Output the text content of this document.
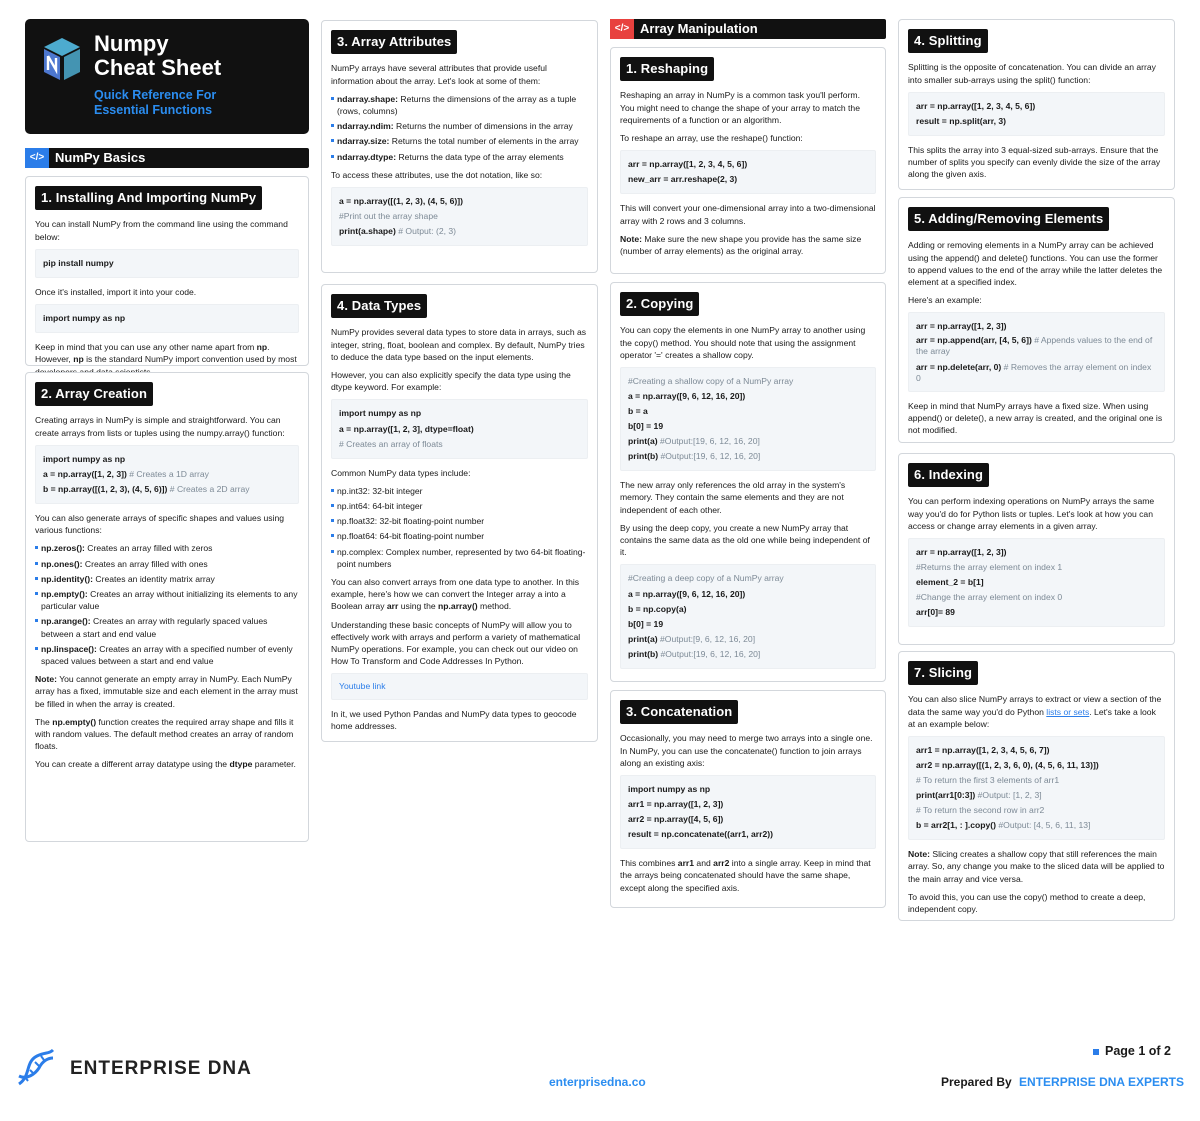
Numpy
Cheat Sheet
Quick Reference For
Essential Functions
</> NumPy Basics
1. Installing And Importing NumPy
You can install NumPy from the command line using the command below:
pip install numpy
Once it's installed, import it into your code.
import numpy as np
Keep in mind that you can use any other name apart from np. However, np is the standard NumPy import convention used by most
2. Array Creation
Creating arrays in NumPy is simple and straightforward. You can create arrays from lists or tuples using the numpy.array() function:
import numpy as np
a = np.array([1, 2, 3]) # Creates a 1D array
b = np.array([(1, 2, 3), (4, 5, 6)]) # Creates a 2D array
You can also generate arrays of specific shapes and values using various functions:
np.zeros(): Creates an array filled with zeros
np.ones(): Creates an array filled with ones
np.identity(): Creates an identity matrix array
np.empty(): Creates an array without initializing its elements to any particular value
np.arange(): Creates an array with regularly spaced values between a start and end value
np.linspace(): Creates an array with a specified number of evenly spaced values between a start and end value
Note: You cannot generate an empty array in NumPy. Each NumPy array has a fixed, immutable size and each element in the array must be filled in when the array is created.
The np.empty() function creates the required array shape and fills it with random values. The default method creates an array of random floats.
You can create a different array datatype using the dtype parameter.
3. Array Attributes
NumPy arrays have several attributes that provide useful information about the array. Let's look at some of them:
ndarray.shape: Returns the dimensions of the array as a tuple (rows, columns)
ndarray.ndim: Returns the number of dimensions in the array
ndarray.size: Returns the total number of elements in the array
ndarray.dtype: Returns the data type of the array elements
To access these attributes, use the dot notation, like so:
a = np.array([(1, 2, 3), (4, 5, 6)])
#Print out the array shape
print(a.shape) # Output: (2, 3)
4. Data Types
NumPy provides several data types to store data in arrays, such as integer, string, float, boolean and complex. By default, NumPy tries to deduce the data type based on the input elements.
However, you can also explicitly specify the data type using the dtype keyword. For example:
import numpy as np
a = np.array([1, 2, 3], dtype=float)
# Creates an array of floats
Common NumPy data types include:
np.int32: 32-bit integer
np.int64: 64-bit integer
np.float32: 32-bit floating-point number
np.float64: 64-bit floating-point number
np.complex: Complex number, represented by two 64-bit floating-point numbers
You can also convert arrays from one data type to another. In this example, here's how we can convert the Integer array a into a Boolean array arr using the np.array() method.
Understanding these basic concepts of NumPy will allow you to effectively work with arrays and perform a variety of mathematical NumPy operations. For example, you can check out our video on How To Transform and Code Addresses In Python.
Youtube link
In it, we used Python Pandas and NumPy data types to geocode home addresses.
</> Array Manipulation
1. Reshaping
Reshaping an array in NumPy is a common task you'll perform. You might need to change the shape of your array to match the requirements of a function or an algorithm.
To reshape an array, use the reshape() function:
arr = np.array([1, 2, 3, 4, 5, 6])
new_arr = arr.reshape(2, 3)
This will convert your one-dimensional array into a two-dimensional array with 2 rows and 3 columns.
Note: Make sure the new shape you provide has the same size (number of array elements) as the original array.
2. Copying
You can copy the elements in one NumPy array to another using the copy() method. You should note that using the assignment operator '=' creates a shallow copy.
#Creating a shallow copy of a NumPy array
a = np.array([9, 6, 12, 16, 20])
b = a
b[0] = 19
print(a) #Output:[19, 6, 12, 16, 20]
print(b) #Output:[19, 6, 12, 16, 20]
The new array only references the old array in the system's memory. They contain the same elements and they are not independent of each other.
By using the deep copy, you create a new NumPy array that contains the same data as the old one while being independent of it.
#Creating a deep copy of a NumPy array
a = np.array([9, 6, 12, 16, 20])
b = np.copy(a)
b[0] = 19
print(a) #Output:[9, 6, 12, 16, 20]
print(b) #Output:[19, 6, 12, 16, 20]
3. Concatenation
Occasionally, you may need to merge two arrays into a single one. In NumPy, you can use the concatenate() function to join arrays along an existing axis:
import numpy as np
arr1 = np.array([1, 2, 3])
arr2 = np.array([4, 5, 6])
result = np.concatenate((arr1, arr2))
This combines arr1 and arr2 into a single array. Keep in mind that the arrays being concatenated should have the same shape, except along the specified axis.
4. Splitting
Splitting is the opposite of concatenation. You can divide an array into smaller sub-arrays using the split() function:
arr = np.array([1, 2, 3, 4, 5, 6])
result = np.split(arr, 3)
This splits the array into 3 equal-sized sub-arrays. Ensure that the number of splits you specify can evenly divide the size of the array along the given axis.
5. Adding/Removing Elements
Adding or removing elements in a NumPy array can be achieved using the append() and delete() functions. You can use the former to append values to the end of the array while the latter deletes the element at a specified index.
Here's an example:
arr = np.array([1, 2, 3])
arr = np.append(arr, [4, 5, 6]) # Appends values to the end of the array
arr = np.delete(arr, 0) # Removes the array element on index 0
Keep in mind that NumPy arrays have a fixed size. When using append() or delete(), a new array is created, and the original one is not modified.
6. Indexing
You can perform indexing operations on NumPy arrays the same way you'd do for Python lists or tuples. Let's look at how you can access or change array elements in a given array.
arr = np.array([1, 2, 3])
#Returns the array element on index 1
element_2 = b[1]
#Change the array element on index 0
arr[0]= 89
7. Slicing
You can also slice NumPy arrays to extract or view a section of the data the same way you'd do Python lists or sets. Let's take a look at an example below:
arr1 = np.array([1, 2, 3, 4, 5, 6, 7])
arr2 = np.array([(1, 2, 3, 6, 0), (4, 5, 6, 11, 13)])
# To return the first 3 elements of arr1
print(arr1[0:3]) #Output: [1, 2, 3]
# To return the second row in arr2
b = arr2[1, : ].copy() #Output: [4, 5, 6, 11, 13]
Note: Slicing creates a shallow copy that still references the main array. So, any change you make to the sliced data will be applied to the main array and vice versa.
To avoid this, you can use the copy() method to create a deep, independent copy.
ENTERPRISE DNA
enterprisedna.co
Page 1 of 2
Prepared By ENTERPRISE DNA EXPERTS
